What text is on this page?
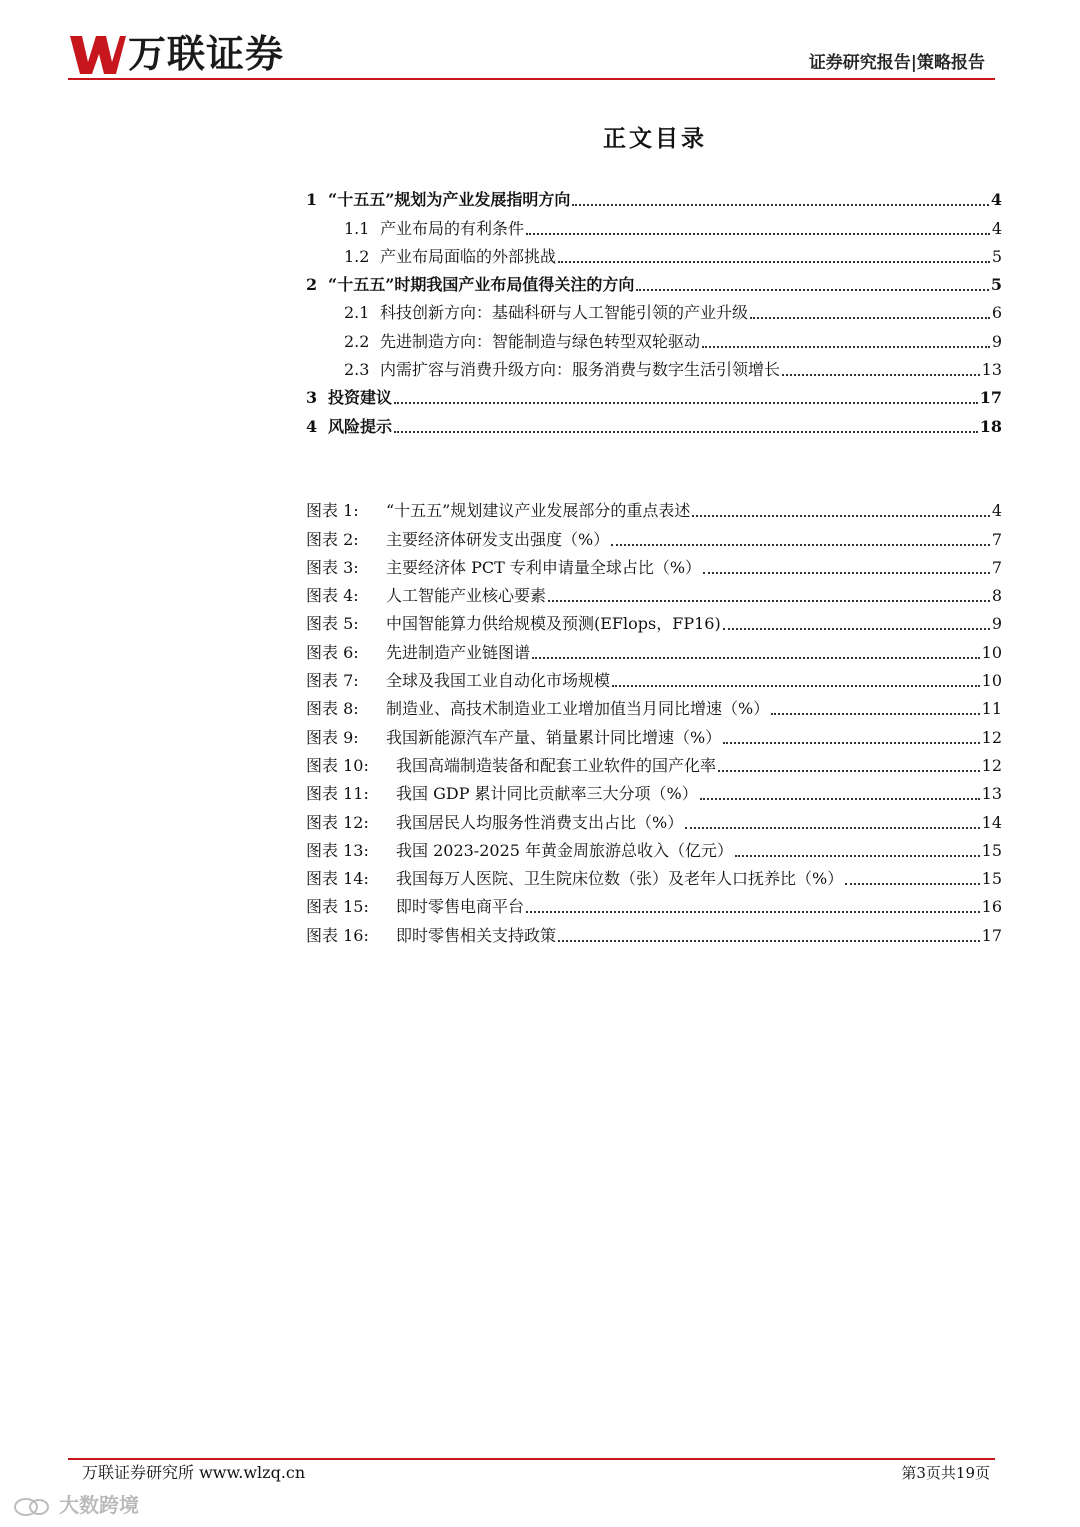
万联证券	证券研究报告|策略报告
正文目录
1 “十五五”规划为产业发展指明方向	4
1.1 产业布局的有利条件	4
1.2 产业布局面临的外部挑战	5
2 “十五五”时期我国产业布局值得关注的方向	5
2.1 科技创新方向：基础科研与人工智能引领的产业升级	6
2.2 先进制造方向：智能制造与绿色转型双轮驱动	9
2.3 内需扩容与消费升级方向：服务消费与数字生活引领增长	13
3 投资建议	17
4 风险提示	18
图表 1:	“十五五”规划建议产业发展部分的重点表述	4
图表 2:	主要经济体研发支出强度（%）	7
图表 3:	主要经济体 PCT 专利申请量全球占比（%）	7
图表 4:	人工智能产业核心要素	8
图表 5:	中国智能算力供给规模及预测(EFlops，FP16)	9
图表 6:	先进制造产业链图谱	10
图表 7:	全球及我国工业自动化市场规模	10
图表 8:	制造业、高技术制造业工业增加值当月同比增速（%）	11
图表 9:	我国新能源汽车产量、销量累计同比增速（%）	12
图表 10:	我国高端制造装备和配套工业软件的国产化率	12
图表 11:	我国 GDP 累计同比贡献率三大分项（%）	13
图表 12:	我国居民人均服务性消费支出占比（%）	14
图表 13:	我国 2023-2025 年黄金周旅游总收入（亿元）	15
图表 14:	我国每万人医院、卫生院床位数（张）及老年人口抚养比（%）	15
图表 15:	即时零售电商平台	16
图表 16:	即时零售相关支持政策	17
万联证券研究所 www.wlzq.cn	第3页共19页
大数跨境
